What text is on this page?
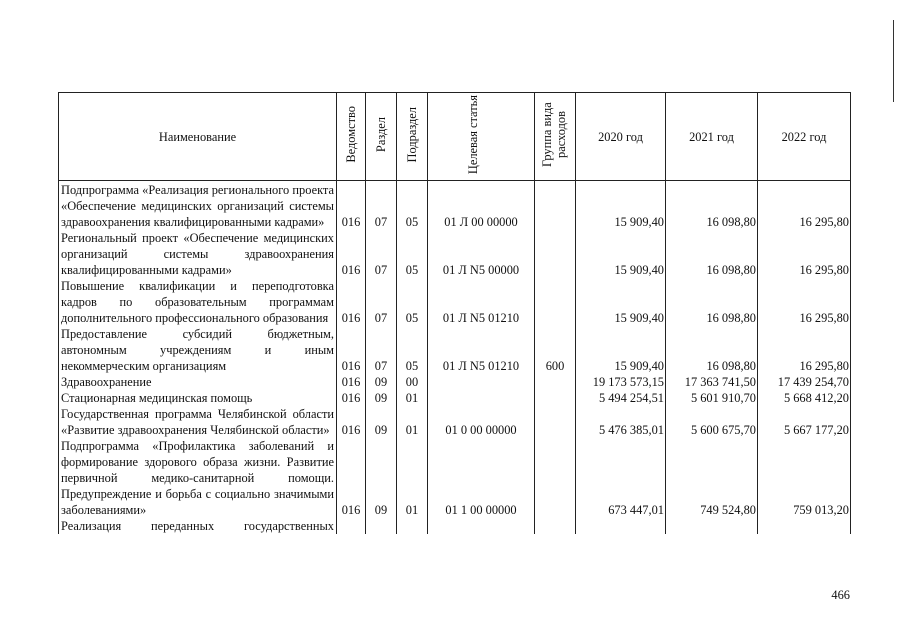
Наименование	Ведомство	Раздел	Подраздел	Целевая статья	Группа вида расходов	2020 год	2021 год	2022 год
Подпрограмма «Реализация регионального проекта «Обеспечение медицинских организаций системы здравоохранения квалифицированными кадрами»	016	07	05	01 Л 00 00000		15 909,40	16 098,80	16 295,80
Региональный проект «Обеспечение медицинских организаций системы здравоохранения квалифицированными кадрами»	016	07	05	01 Л N5 00000		15 909,40	16 098,80	16 295,80
Повышение квалификации и переподготовка кадров по образовательным программам дополнительного профессионального образования	016	07	05	01 Л N5 01210		15 909,40	16 098,80	16 295,80
Предоставление субсидий бюджетным, автономным учреждениям и иным некоммерческим организациям	016	07	05	01 Л N5 01210	600	15 909,40	16 098,80	16 295,80
Здравоохранение	016	09	00			19 173 573,15	17 363 741,50	17 439 254,70
Стационарная медицинская помощь	016	09	01			5 494 254,51	5 601 910,70	5 668 412,20
Государственная программа Челябинской области «Развитие здравоохранения Челябинской области»	016	09	01	01 0 00 00000		5 476 385,01	5 600 675,70	5 667 177,20
Подпрограмма «Профилактика заболеваний и формирование здорового образа жизни. Развитие первичной медико-санитарной помощи. Предупреждение и борьба с социально значимыми заболеваниями»	016	09	01	01 1 00 00000		673 447,01	749 524,80	759 013,20
Реализация переданных государственных								
466
